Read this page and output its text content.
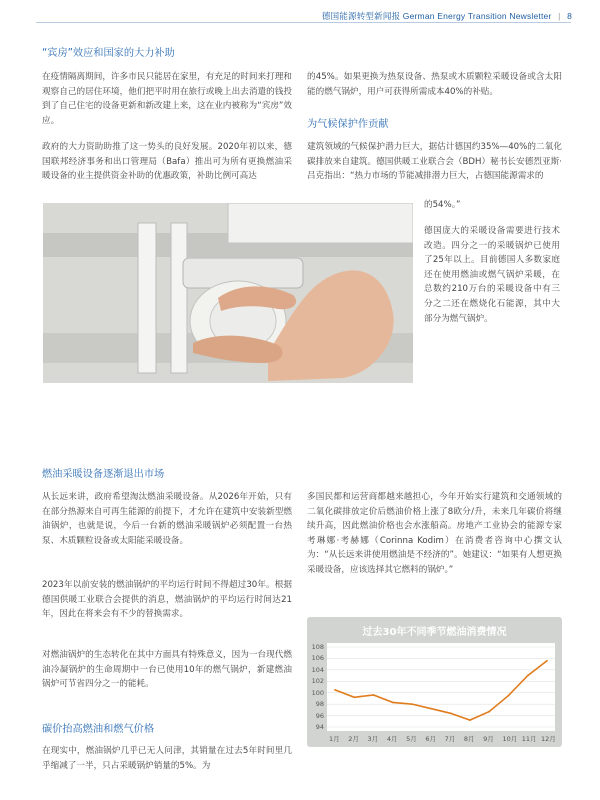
德国能源转型新闻报 German Energy Transition Newsletter | 8
“宾房”效应和国家的大力补助

在疫情隔离期间，许多市民只能居在家里，有充足的时间来打理和观察自己的居住环境，他们把平时用在旅行或晚上出去消遣的钱投到了自己住宅的设备更新和新改建上来，这在业内被称为“宾房”效应。

政府的大力资助助推了这一势头的良好发展。2020年初以来，德国联邦经济事务和出口管理局（Bafa）推出可为所有更换燃油采暖设备的业主提供资金补助的优惠政策，补助比例可高达

的45%。如果更换为热泵设备、热泵或木质颗粒采暖设备或含太阳能的燃气锅炉，用户可获得所需成本40%的补贴。

为气候保护作贡献

建筑领域的气候保护潜力巨大，据估计德国约35%—40%的二氧化碳排放来自建筑。德国供暖工业联合会（BDH）秘书长安德烈亚斯·吕克指出：“热力市场的节能减排潜力巨大，占德国能源需求的

的54%。”

德国庞大的采暖设备需要进行技术改造。四分之一的采暖锅炉已使用了25年以上。目前德国人多数家庭还在使用燃油或燃气锅炉采暖，在总数约210万台的采暖设备中有三分之二还在燃烧化石能源，其中大部分为燃气锅炉。

燃油采暖设备逐渐退出市场

从长远来讲，政府希望淘汰燃油采暖设备。从2026年开始，只有在部分热源来自可再生能源的前提下，才允许在建筑中安装新型燃油锅炉，也就是说，今后一台新的燃油采暖锅炉必须配置一台热泵、木质颗粒设备或太阳能采暖设备。

2023年以前安装的燃油锅炉的平均运行时间不得超过30年。根据德国供暖工业联合会提供的消息，燃油锅炉的平均运行时间达21年，因此在将来会有不少的替换需求。

对燃油锅炉的生态转化在其中方面具有特殊意义，因为一台现代燃油冷凝锅炉的生命周期中一台已使用10年的燃气锅炉，新建燃油锅炉可节省四分之一的能耗。

多国民都和运营商都越来越担心，今年开始实行建筑和交通领域的二氧化碳排放定价后燃油价格上涨了8欧分/升，未来几年碳价将继续升高，因此燃油价格也会水涨船高。房地产工业协会的能源专家考琳娜·考赫娜（Corinna Kodim）在消费者咨询中心撰文认为：“从长远来讲使用燃油是不经济的”。她建议：“如果有人想更换采暖设备，应该选择其它燃料的锅炉。”

碳价抬高燃油和燃气价格

在现实中，燃油锅炉几乎已无人问津，其销量在过去5年时间里几乎缩减了一半，只占采暖锅炉销量的5%。为

过去30年不同季节燃油消费情况
94
96
98
100
102
104
106
108
1月 2月 3月 4月 5月 6月 7月 8月 9月 10月 11月 12月
